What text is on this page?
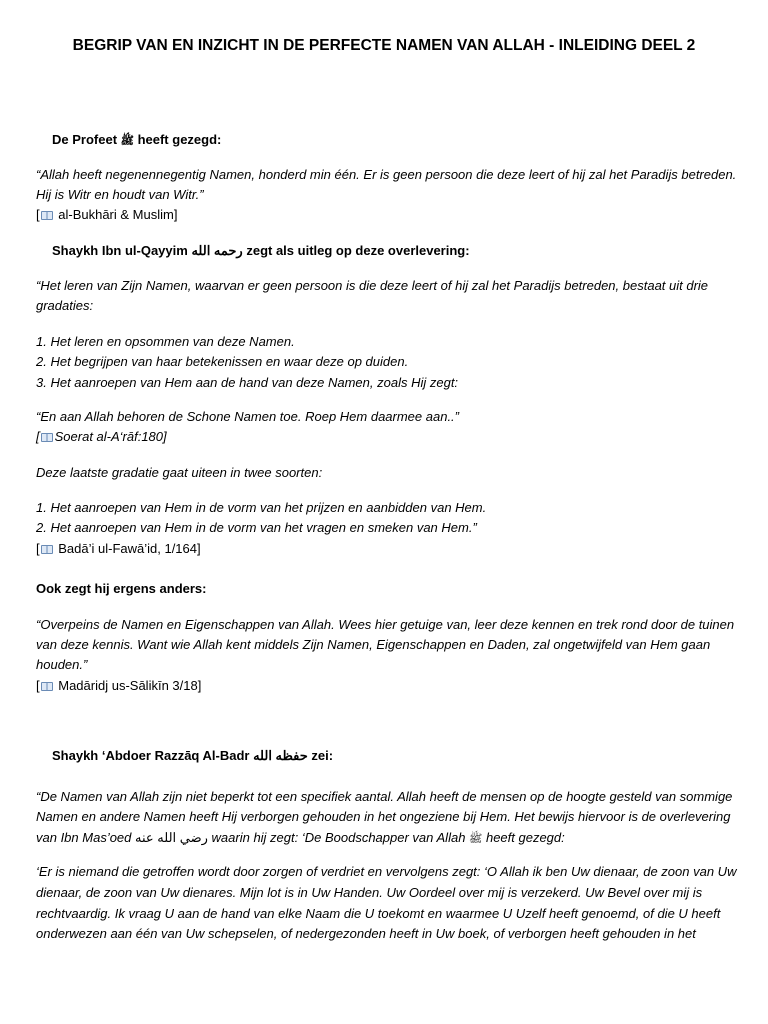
BEGRIP VAN EN INZICHT IN DE PERFECTE NAMEN VAN ALLAH - INLEIDING DEEL 2
De Profeet ﷺ heeft gezegd:
“Allah heeft negenennegentig Namen, honderd min één. Er is geen persoon die deze leert of hij zal het Paradijs betreden.
Hij is Witr en houdt van Witr.”
[ al-Bukhāri & Muslim]
Shaykh Ibn ul-Qayyim رحمه الله zegt als uitleg op deze overlevering:
“Het leren van Zijn Namen, waarvan er geen persoon is die deze leert of hij zal het Paradijs betreden, bestaat uit drie
gradaties:
1. Het leren en opsommen van deze Namen.
2. Het begrijpen van haar betekenissen en waar deze op duiden.
3. Het aanroepen van Hem aan de hand van deze Namen, zoals Hij zegt:
“En aan Allah behoren de Schone Namen toe. Roep Hem daarmee aan..”
[ Soerat al-A‘rāf:180]
Deze laatste gradatie gaat uiteen in twee soorten:
1. Het aanroepen van Hem in de vorm van het prijzen en aanbidden van Hem.
2. Het aanroepen van Hem in de vorm van het vragen en smeken van Hem.”
[ Badā’i ul-Fawā’id, 1/164]
Ook zegt hij ergens anders:
“Overpeins de Namen en Eigenschappen van Allah. Wees hier getuige van, leer deze kennen en trek rond door de tuinen
van deze kennis. Want wie Allah kent middels Zijn Namen, Eigenschappen en Daden, zal ongetwijfeld van Hem gaan
houden.”
[ Madāridj us-Sālikīn 3/18]
Shaykh ‘Abdoer Razzāq Al-Badr حفظه الله zei:
“De Namen van Allah zijn niet beperkt tot een specifiek aantal. Allah heeft de mensen op de hoogte gesteld van sommige
Namen en andere Namen heeft Hij verborgen gehouden in het ongeziene bij Hem. Het bewijs hiervoor is de overlevering
van Ibn Mas’oed رضي الله عنه waarin hij zegt: ‘De Boodschapper van Allah ﷺ heeft gezegd:
‘Er is niemand die getroffen wordt door zorgen of verdriet en vervolgens zegt: ‘O Allah ik ben Uw dienaar, de zoon van Uw
dienaar, de zoon van Uw dienares. Mijn lot is in Uw Handen. Uw Oordeel over mij is verzekerd. Uw Bevel over mij is
rechtvaardig. Ik vraag U aan de hand van elke Naam die U toekomt en waarmee U Uzelf heeft genoemd, of die U heeft
onderwezen aan één van Uw schepselen, of nedergezonden heeft in Uw boek, of verborgen heeft gehouden in het
